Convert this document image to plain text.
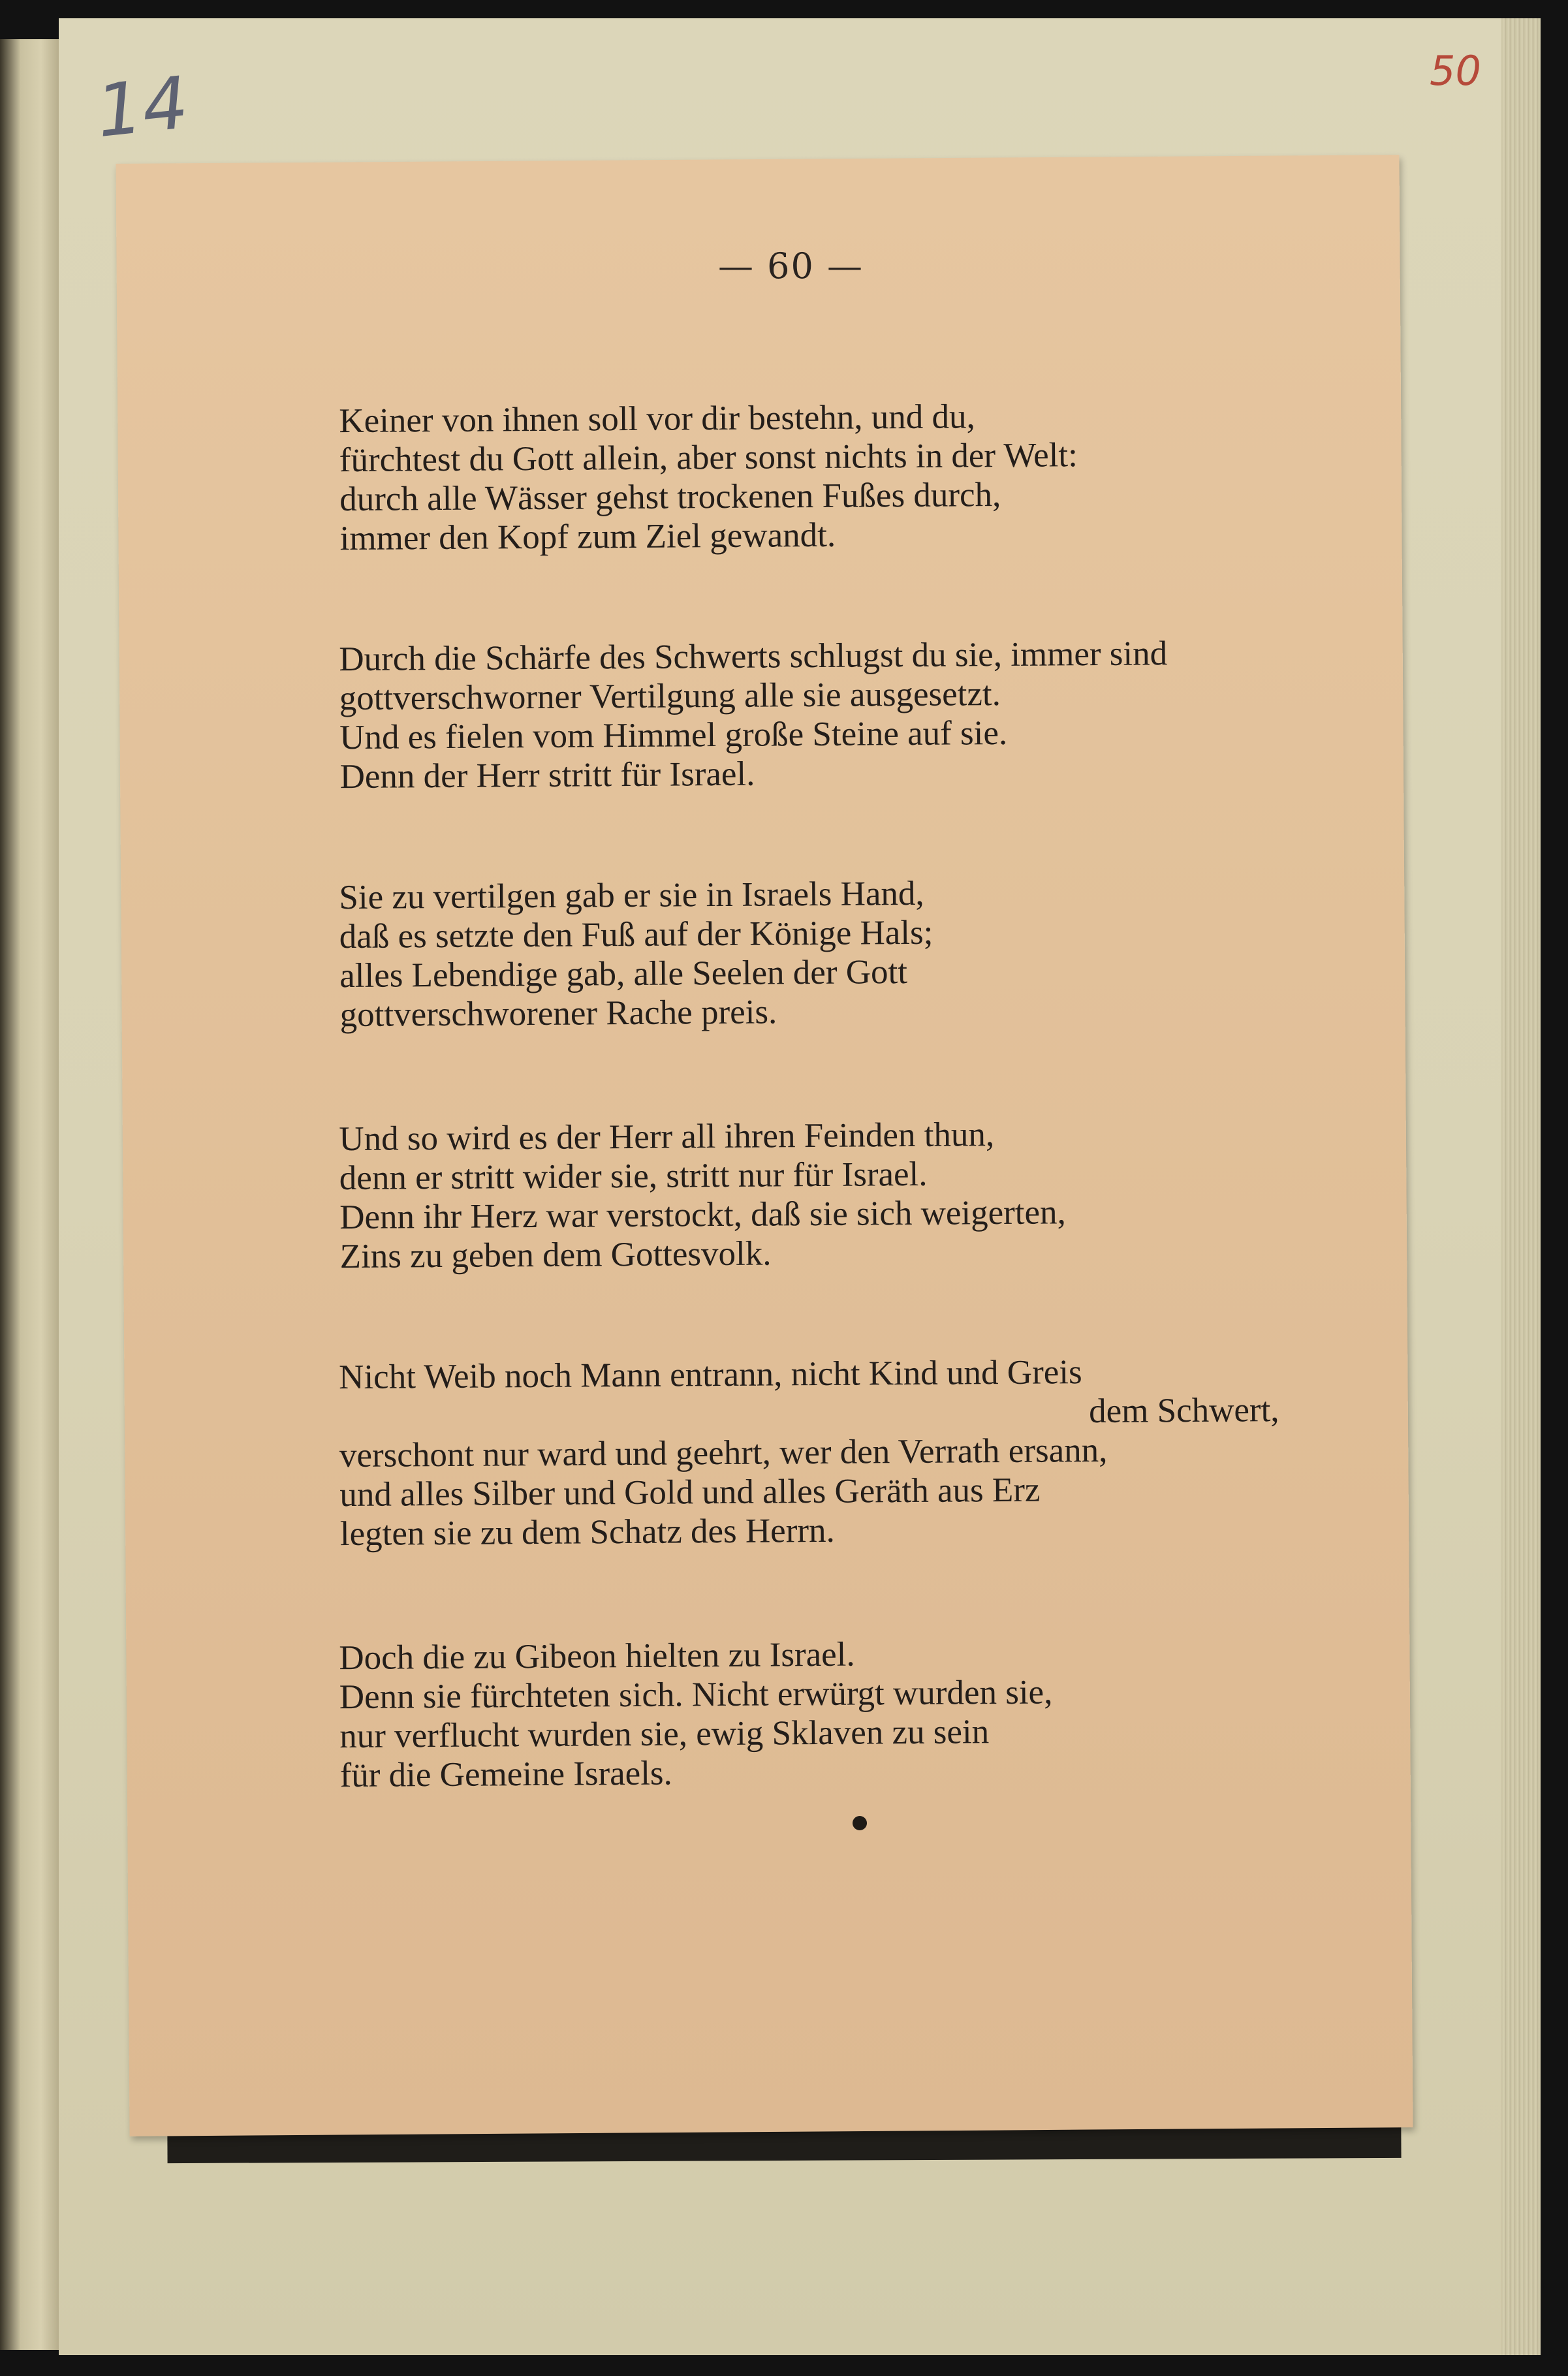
14	50
— 60 —
Keiner von ihnen soll vor dir bestehn, und du,
fürchtest du Gott allein, aber sonst nichts in der Welt:
durch alle Wässer gehst trockenen Fußes durch,
immer den Kopf zum Ziel gewandt.
Durch die Schärfe des Schwerts schlugst du sie, immer sind
gottverschworner Vertilgung alle sie ausgesetzt.
Und es fielen vom Himmel große Steine auf sie.
Denn der Herr stritt für Israel.
Sie zu vertilgen gab er sie in Israels Hand,
daß es setzte den Fuß auf der Könige Hals;
alles Lebendige gab, alle Seelen der Gott
gottverschworener Rache preis.
Und so wird es der Herr all ihren Feinden thun,
denn er stritt wider sie, stritt nur für Israel.
Denn ihr Herz war verstockt, daß sie sich weigerten,
Zins zu geben dem Gottesvolk.
Nicht Weib noch Mann entrann, nicht Kind und Greis
dem Schwert,
verschont nur ward und geehrt, wer den Verrath ersann,
und alles Silber und Gold und alles Geräth aus Erz
legten sie zu dem Schatz des Herrn.
Doch die zu Gibeon hielten zu Israel.
Denn sie fürchteten sich. Nicht erwürgt wurden sie,
nur verflucht wurden sie, ewig Sklaven zu sein
für die Gemeine Israels.
